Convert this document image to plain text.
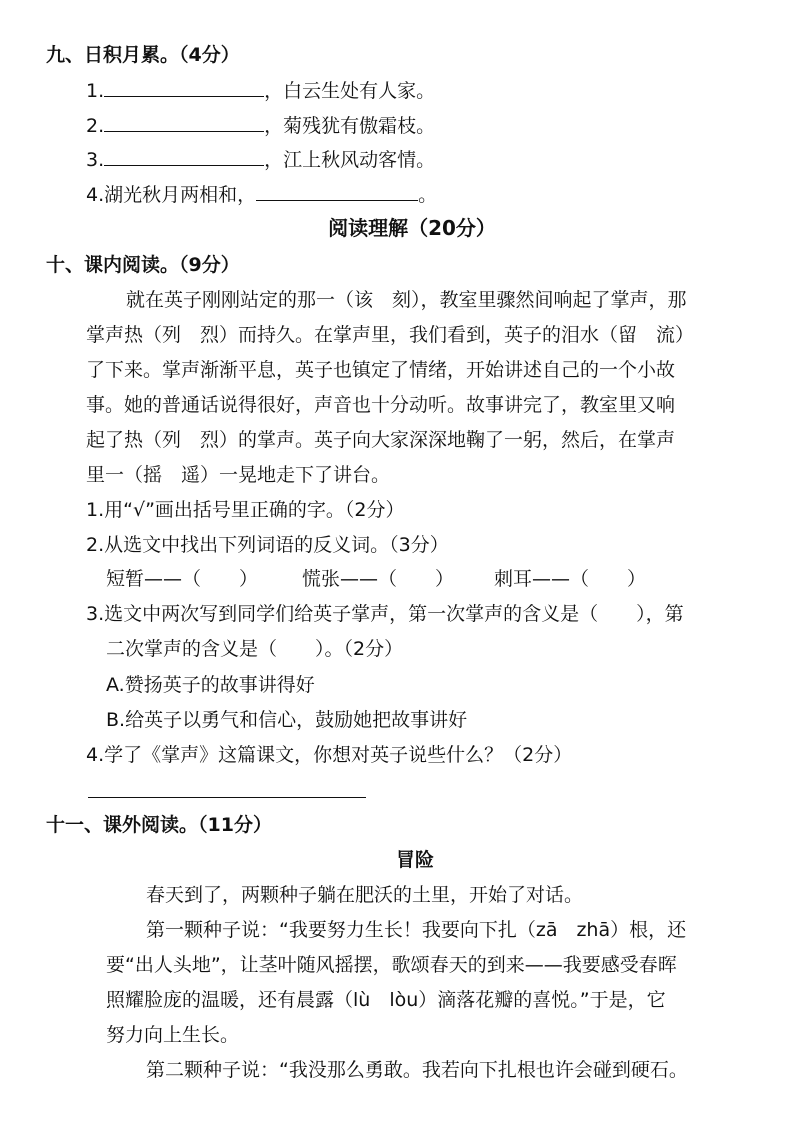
九、日积月累。（4分）
1.	，白云生处有人家。
2.	，菊残犹有傲霜枝。
3.	，江上秋风动客情。
4.湖光秋月两相和，	。
阅读理解（20分）
十、课内阅读。（9分）
就在英子刚刚站定的那一（该　刻），教室里骤然间响起了掌声，那
掌声热（列　烈）而持久。在掌声里，我们看到，英子的泪水（留　流）
了下来。掌声渐渐平息，英子也镇定了情绪，开始讲述自己的一个小故
事。她的普通话说得很好，声音也十分动听。故事讲完了，教室里又响
起了热（列　烈）的掌声。英子向大家深深地鞠了一躬，然后，在掌声
里一（摇　遥）一晃地走下了讲台。
1.用“√”画出括号里正确的字。（2分）
2.从选文中找出下列词语的反义词。（3分）
短暂——（　　） 慌张——（　　） 刺耳——（　　）
3.选文中两次写到同学们给英子掌声，第一次掌声的含义是（　　），第
二次掌声的含义是（　　）。（2分）
A.赞扬英子的故事讲得好
B.给英子以勇气和信心，鼓励她把故事讲好
4.学了《掌声》这篇课文，你想对英子说些什么？（2分）
十一、课外阅读。（11分）
冒险
春天到了，两颗种子躺在肥沃的土里，开始了对话。
第一颗种子说：“我要努力生长！我要向下扎（zā　zhā）根，还
要“出人头地”，让茎叶随风摇摆，歌颂春天的到来——我要感受春晖
照耀脸庞的温暖，还有晨露（lù　lòu）滴落花瓣的喜悦。”于是，它
努力向上生长。
第二颗种子说：“我没那么勇敢。我若向下扎根也许会碰到硬石。
